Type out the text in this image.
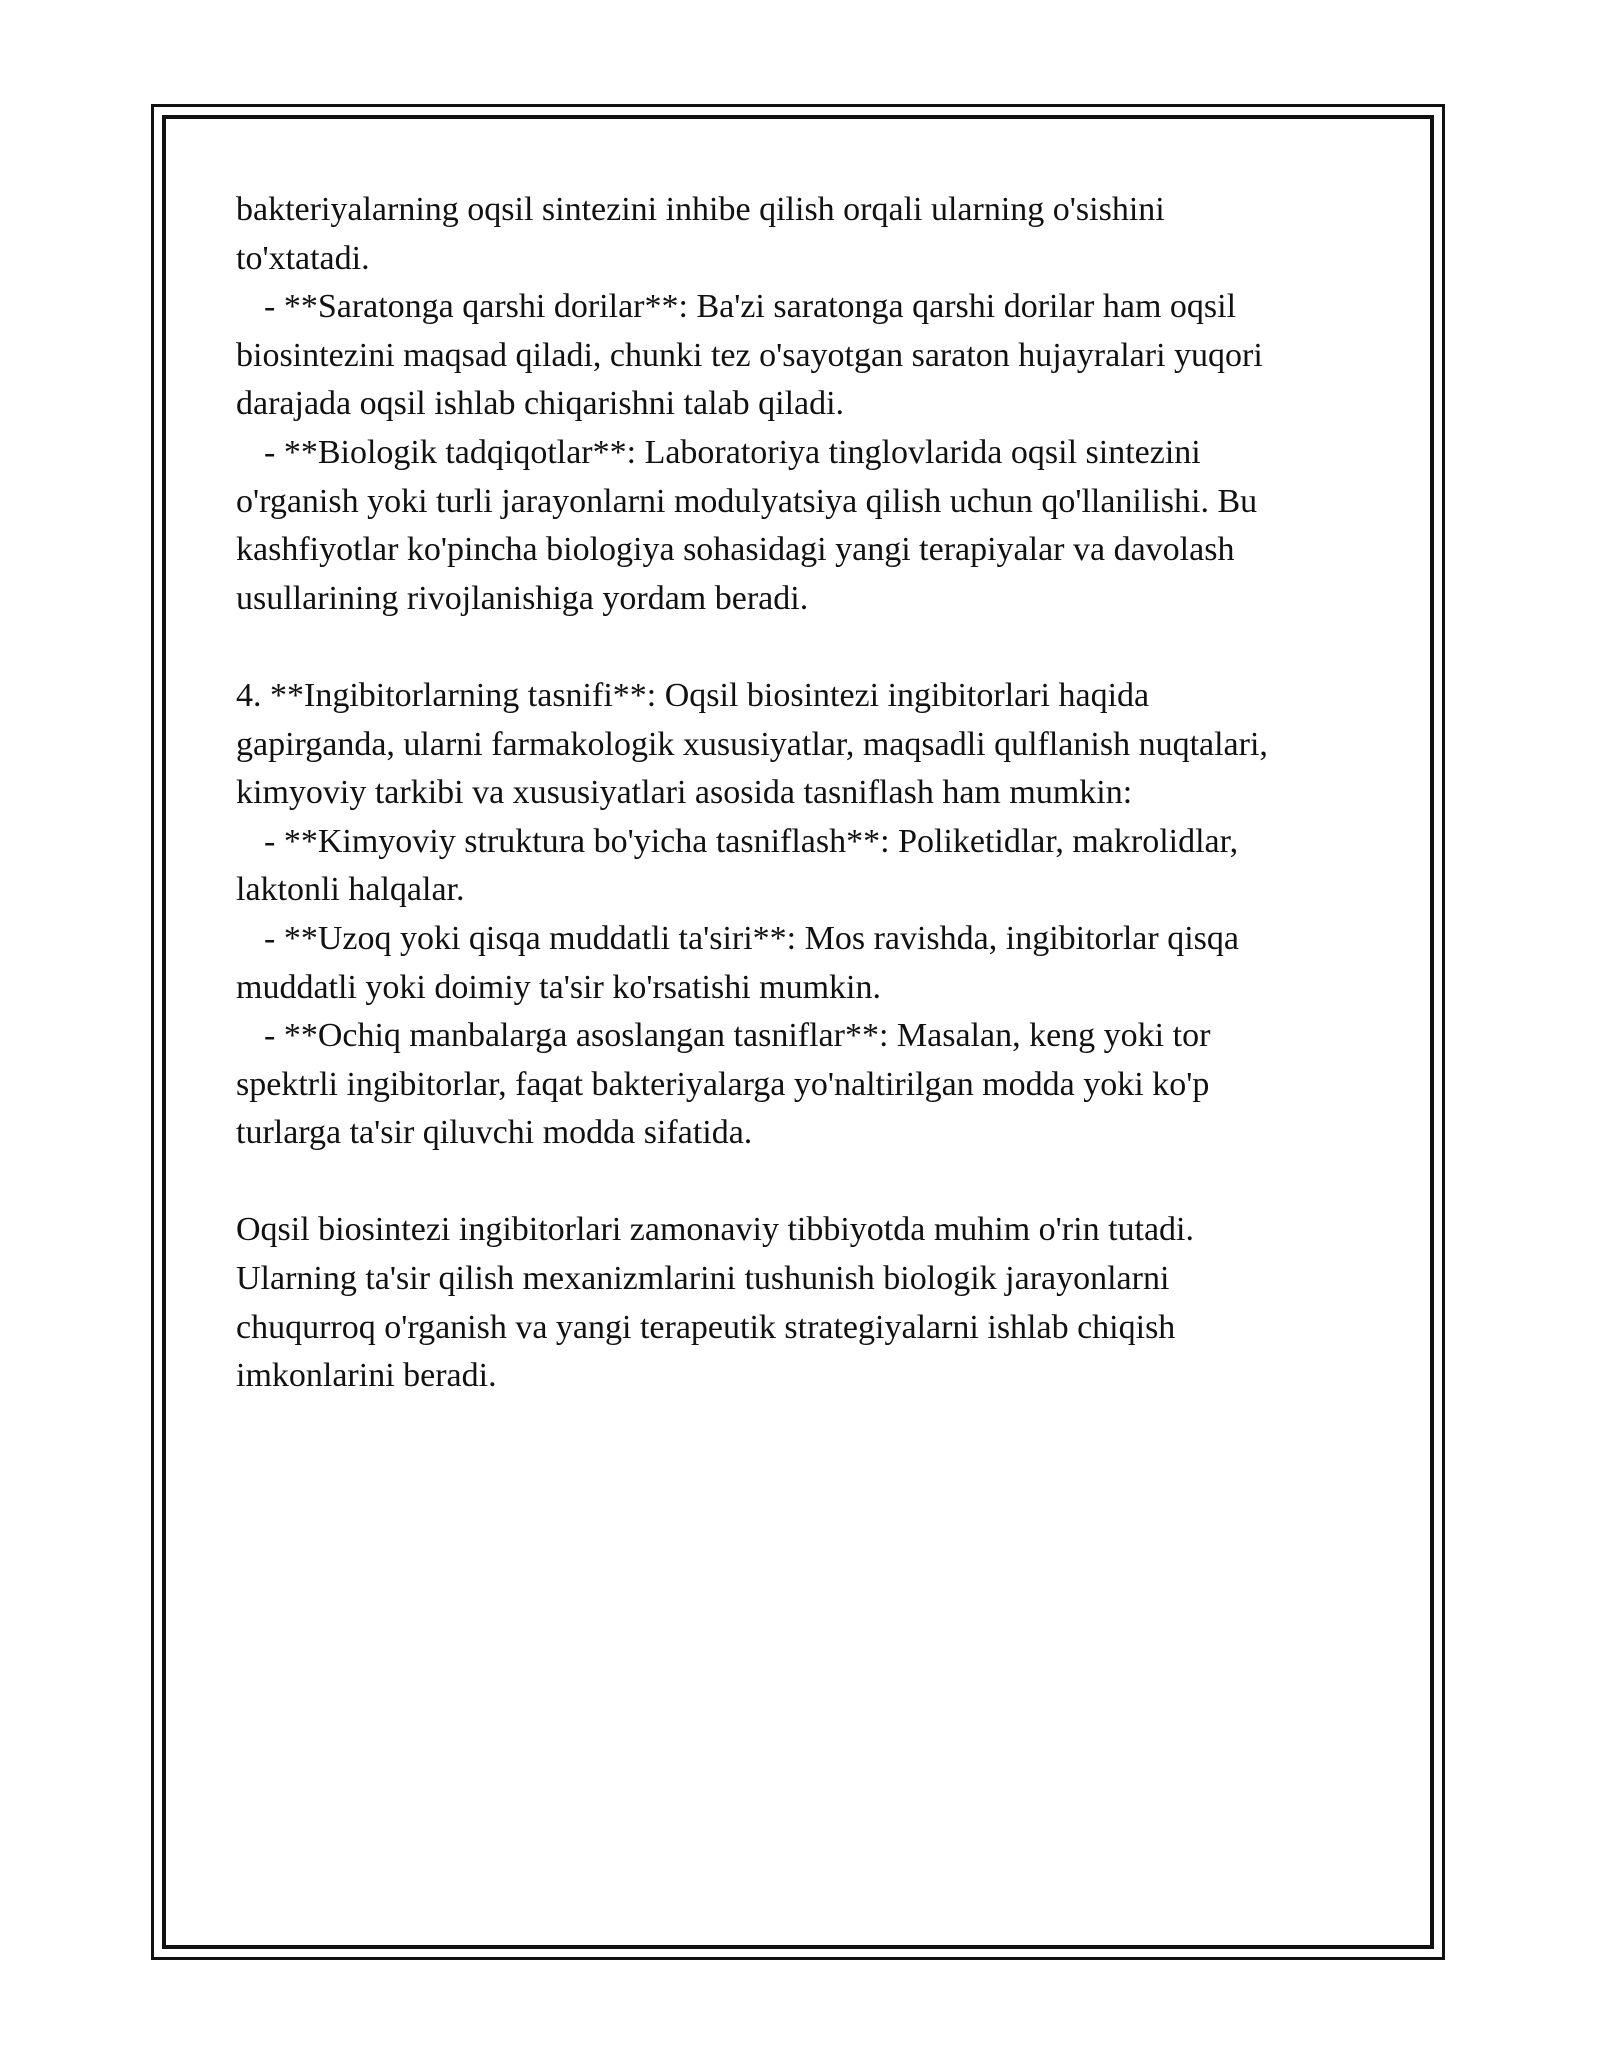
bakteriyalarning oqsil sintezini inhibe qilish orqali ularning o'sishini
to'xtatadi.
- **Saratonga qarshi dorilar**: Ba'zi saratonga qarshi dorilar ham oqsil
biosintezini maqsad qiladi, chunki tez o'sayotgan saraton hujayralari yuqori
darajada oqsil ishlab chiqarishni talab qiladi.
- **Biologik tadqiqotlar**: Laboratoriya tinglovlarida oqsil sintezini
o'rganish yoki turli jarayonlarni modulyatsiya qilish uchun qo'llanilishi. Bu
kashfiyotlar ko'pincha biologiya sohasidagi yangi terapiyalar va davolash
usullarining rivojlanishiga yordam beradi.
4. **Ingibitorlarning tasnifi**: Oqsil biosintezi ingibitorlari haqida
gapirganda, ularni farmakologik xususiyatlar, maqsadli qulflanish nuqtalari,
kimyoviy tarkibi va xususiyatlari asosida tasniflash ham mumkin:
- **Kimyoviy struktura bo'yicha tasniflash**: Poliketidlar, makrolidlar,
laktonli halqalar.
- **Uzoq yoki qisqa muddatli ta'siri**: Mos ravishda, ingibitorlar qisqa
muddatli yoki doimiy ta'sir ko'rsatishi mumkin.
- **Ochiq manbalarga asoslangan tasniflar**: Masalan, keng yoki tor
spektrli ingibitorlar, faqat bakteriyalarga yo'naltirilgan modda yoki ko'p
turlarga ta'sir qiluvchi modda sifatida.
Oqsil biosintezi ingibitorlari zamonaviy tibbiyotda muhim o'rin tutadi.
Ularning ta'sir qilish mexanizmlarini tushunish biologik jarayonlarni
chuqurroq o'rganish va yangi terapeutik strategiyalarni ishlab chiqish
imkonlarini beradi.
